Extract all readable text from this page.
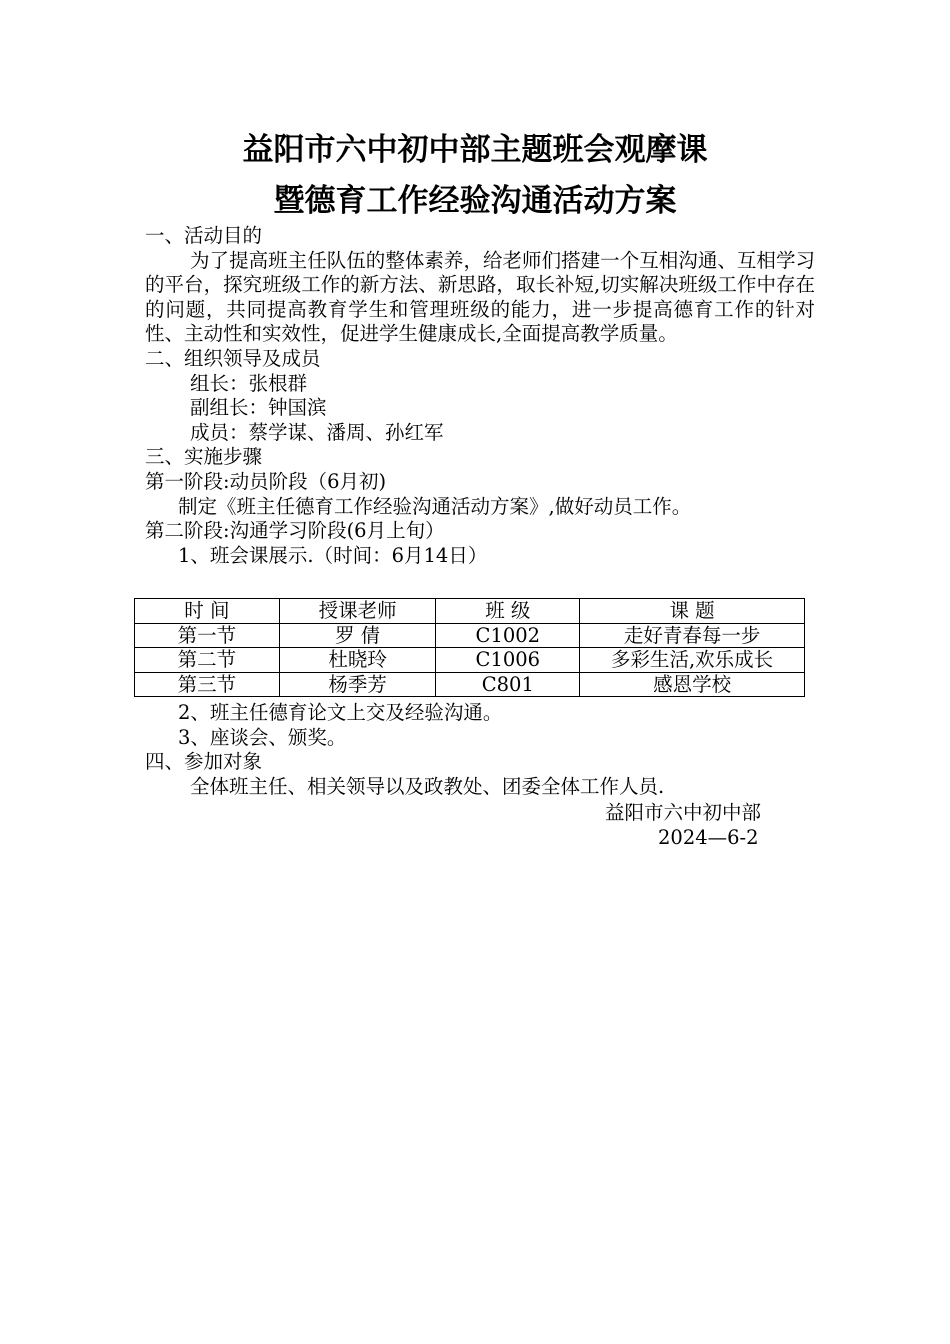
益阳市六中初中部主题班会观摩课
暨德育工作经验沟通活动方案
一、活动目的
为了提高班主任队伍的整体素养，给老师们搭建一个互相沟通、互相学习的平台，探究班级工作的新方法、新思路，取长补短,切实解决班级工作中存在的问题，共同提高教育学生和管理班级的能力，进一步提高德育工作的针对性、主动性和实效性，促进学生健康成长,全面提高教学质量。
二、组织领导及成员
组长：张根群
副组长：钟国滨
成员：蔡学谋、潘周、孙红军
三、实施步骤
第一阶段:动员阶段（6月初)
制定《班主任德育工作经验沟通活动方案》,做好动员工作。
第二阶段:沟通学习阶段(6月上旬）
1、班会课展示.（时间：6月14日）
时 间	授课老师	班 级	课 题
第一节	罗 倩	C1002	走好青春每一步
第二节	杜晓玲	C1006	多彩生活,欢乐成长
第三节	杨季芳	C801	感恩学校
2、班主任德育论文上交及经验沟通。
3、座谈会、颁奖。
四、参加对象
全体班主任、相关领导以及政教处、团委全体工作人员.
益阳市六中初中部
2024—6-2
